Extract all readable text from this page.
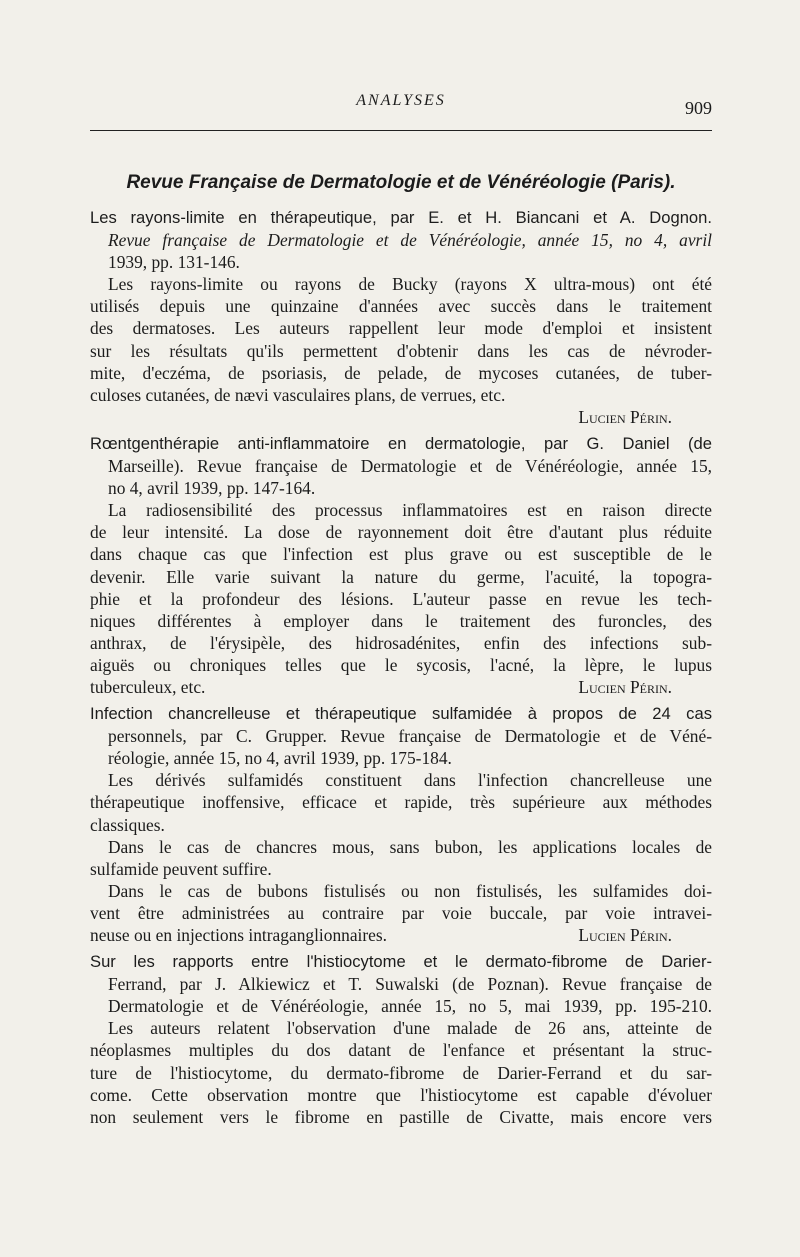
ANALYSES	909
Revue Française de Dermatologie et de Vénéréologie (Paris).
Les rayons-limite en thérapeutique, par E. et H. Biancani et A. Dognon.
Revue française de Dermatologie et de Vénéréologie, année 15, no 4, avril
1939, pp. 131-146.
Les rayons-limite ou rayons de Bucky (rayons X ultra-mous) ont été
utilisés depuis une quinzaine d'années avec succès dans le traitement
des dermatoses. Les auteurs rappellent leur mode d'emploi et insistent
sur les résultats qu'ils permettent d'obtenir dans les cas de névroder-
mite, d'eczéma, de psoriasis, de pelade, de mycoses cutanées, de tuber-
culoses cutanées, de nævi vasculaires plans, de verrues, etc.
Lucien Périn.
Rœntgenthérapie anti-inflammatoire en dermatologie, par G. Daniel (de
Marseille). Revue française de Dermatologie et de Vénéréologie, année 15,
no 4, avril 1939, pp. 147-164.
La radiosensibilité des processus inflammatoires est en raison directe
de leur intensité. La dose de rayonnement doit être d'autant plus réduite
dans chaque cas que l'infection est plus grave ou est susceptible de le
devenir. Elle varie suivant la nature du germe, l'acuité, la topogra-
phie et la profondeur des lésions. L'auteur passe en revue les tech-
niques différentes à employer dans le traitement des furoncles, des
anthrax, de l'érysipèle, des hidrosadénites, enfin des infections sub-
aiguës ou chroniques telles que le sycosis, l'acné, la lèpre, le lupus
tuberculeux, etc.	Lucien Périn.
Infection chancrelleuse et thérapeutique sulfamidée à propos de 24 cas
personnels, par C. Grupper. Revue française de Dermatologie et de Véné-
réologie, année 15, no 4, avril 1939, pp. 175-184.
Les dérivés sulfamidés constituent dans l'infection chancrelleuse une
thérapeutique inoffensive, efficace et rapide, très supérieure aux méthodes
classiques.
Dans le cas de chancres mous, sans bubon, les applications locales de
sulfamide peuvent suffire.
Dans le cas de bubons fistulisés ou non fistulisés, les sulfamides doi-
vent être administrées au contraire par voie buccale, par voie intravei-
neuse ou en injections intraganglionnaires.	Lucien Périn.
Sur les rapports entre l'histiocytome et le dermato-fibrome de Darier-
Ferrand, par J. Alkiewicz et T. Suwalski (de Poznan). Revue française de
Dermatologie et de Vénéréologie, année 15, no 5, mai 1939, pp. 195-210.
Les auteurs relatent l'observation d'une malade de 26 ans, atteinte de
néoplasmes multiples du dos datant de l'enfance et présentant la struc-
ture de l'histiocytome, du dermato-fibrome de Darier-Ferrand et du sar-
come. Cette observation montre que l'histiocytome est capable d'évoluer
non seulement vers le fibrome en pastille de Civatte, mais encore vers
